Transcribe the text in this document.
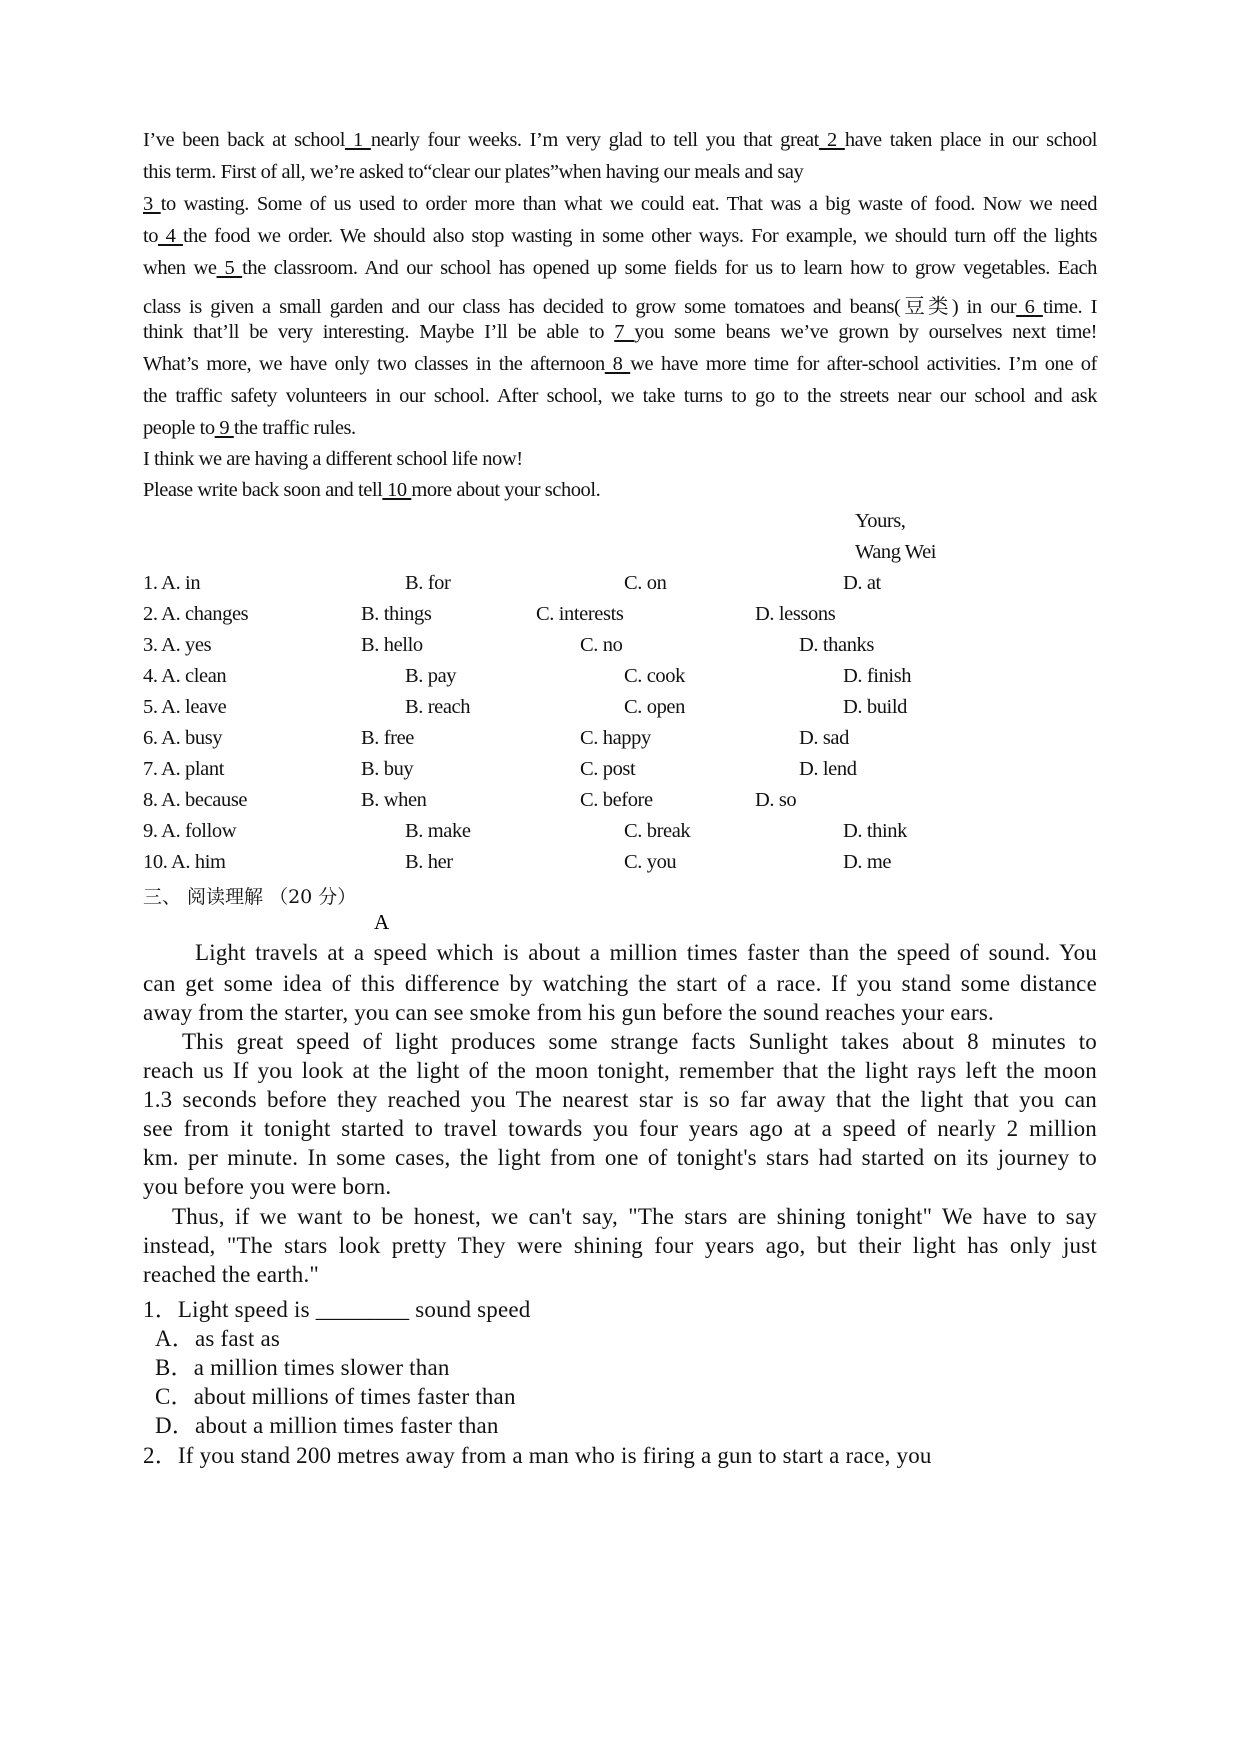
I’ve been back at school 1 nearly four weeks. I’m very glad to tell you that great 2 have taken place in our school
this term. First of all, we’re asked to“clear our plates”when having our meals and say
3 to wasting. Some of us used to order more than what we could eat. That was a big waste of food. Now we need
to 4 the food we order. We should also stop wasting in some other ways. For example, we should turn off the lights
when we 5 the classroom. And our school has opened up some fields for us to learn how to grow vegetables. Each
class is given a small garden and our class has decided to grow some tomatoes and beans(豆类) in our 6 time. I
think that’ll be very interesting. Maybe I’ll be able to 7 you some beans we’ve grown by ourselves next time!
What’s more, we have only two classes in the afternoon 8 we have more time for after-school activities. I’m one of
the traffic safety volunteers in our school. After school, we take turns to go to the streets near our school and ask
people to 9 the traffic rules.
I think we are having a different school life now!
Please write back soon and tell 10 more about your school.
Yours,
Wang Wei
1. A. in	B. for	C. on	D. at
2. A. changes	B. things	C. interests	D. lessons
3. A. yes	B. hello	C. no	D. thanks
4. A. clean	B. pay	C. cook	D. finish
5. A. leave	B. reach	C. open	D. build
6. A. busy	B. free	C. happy	D. sad
7. A. plant	B. buy	C. post	D. lend
8. A. because	B. when	C. before	D. so
9. A. follow	B. make	C. break	D. think
10. A. him	B. her	C. you	D. me
三、 阅读理解 （20 分）
A
Light travels at a speed which is about a million times faster than the speed of sound. You
can get some idea of this difference by watching the start of a race. If you stand some distance
away from the starter, you can see smoke from his gun before the sound reaches your ears.
This great speed of light produces some strange facts Sunlight takes about 8 minutes to
reach us If you look at the light of the moon tonight, remember that the light rays left the moon
1.3 seconds before they reached you The nearest star is so far away that the light that you can
see from it tonight started to travel towards you four years ago at a speed of nearly 2 million
km. per minute. In some cases, the light from one of tonight's stars had started on its journey to
you before you were born.
Thus, if we want to be honest, we can't say, "The stars are shining tonight" We have to say
instead, "The stars look pretty They were shining four years ago, but their light has only just
reached the earth."
1．Light speed is ________ sound speed
A．as fast as
B．a million times slower than
C．about millions of times faster than
D．about a million times faster than
2．If you stand 200 metres away from a man who is firing a gun to start a race, you
